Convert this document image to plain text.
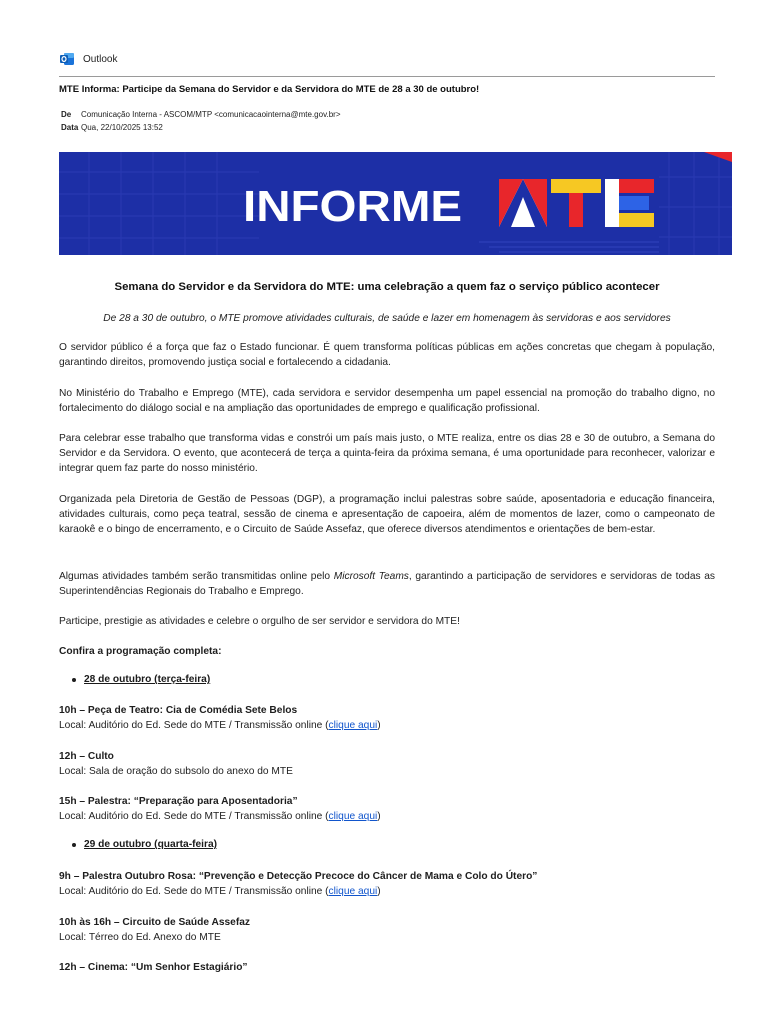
Outlook
MTE Informa: Participe da Semana do Servidor e da Servidora do MTE de 28 a 30 de outubro!
De	Comunicação Interna - ASCOM/MTP <comunicacaointerna@mte.gov.br>
Data Qua, 22/10/2025 13:52
INFORME
Semana do Servidor e da Servidora do MTE: uma celebração a quem faz o serviço público acontecer
De 28 a 30 de outubro, o MTE promove atividades culturais, de saúde e lazer em homenagem às servidoras e aos servidores
O servidor público é a força que faz o Estado funcionar. É quem transforma políticas públicas em ações concretas que chegam à população, garantindo direitos, promovendo justiça social e fortalecendo a cidadania.
No Ministério do Trabalho e Emprego (MTE), cada servidora e servidor desempenha um papel essencial na promoção do trabalho digno, no fortalecimento do diálogo social e na ampliação das oportunidades de emprego e qualificação profissional.
Para celebrar esse trabalho que transforma vidas e constrói um país mais justo, o MTE realiza, entre os dias 28 e 30 de outubro, a Semana do Servidor e da Servidora. O evento, que acontecerá de terça a quinta-feira da próxima semana, é uma oportunidade para reconhecer, valorizar e integrar quem faz parte do nosso ministério.
Organizada pela Diretoria de Gestão de Pessoas (DGP), a programação inclui palestras sobre saúde, aposentadoria e educação financeira, atividades culturais, como peça teatral, sessão de cinema e apresentação de capoeira, além de momentos de lazer, como o campeonato de karaokê e o bingo de encerramento, e o Circuito de Saúde Assefaz, que oferece diversos atendimentos e orientações de bem-estar.
Algumas atividades também serão transmitidas online pelo Microsoft Teams, garantindo a participação de servidores e servidoras de todas as Superintendências Regionais do Trabalho e Emprego.
Participe, prestigie as atividades e celebre o orgulho de ser servidor e servidora do MTE!
Confira a programação completa:
28 de outubro (terça-feira)
10h – Peça de Teatro: Cia de Comédia Sete Belos
Local: Auditório do Ed. Sede do MTE / Transmissão online (clique aqui)
12h – Culto
Local: Sala de oração do subsolo do anexo do MTE
15h – Palestra: “Preparação para Aposentadoria”
Local: Auditório do Ed. Sede do MTE / Transmissão online (clique aqui)
29 de outubro (quarta-feira)
9h – Palestra Outubro Rosa: “Prevenção e Detecção Precoce do Câncer de Mama e Colo do Útero”
Local: Auditório do Ed. Sede do MTE / Transmissão online (clique aqui)
10h às 16h – Circuito de Saúde Assefaz
Local: Térreo do Ed. Anexo do MTE
12h – Cinema: “Um Senhor Estagiário”
